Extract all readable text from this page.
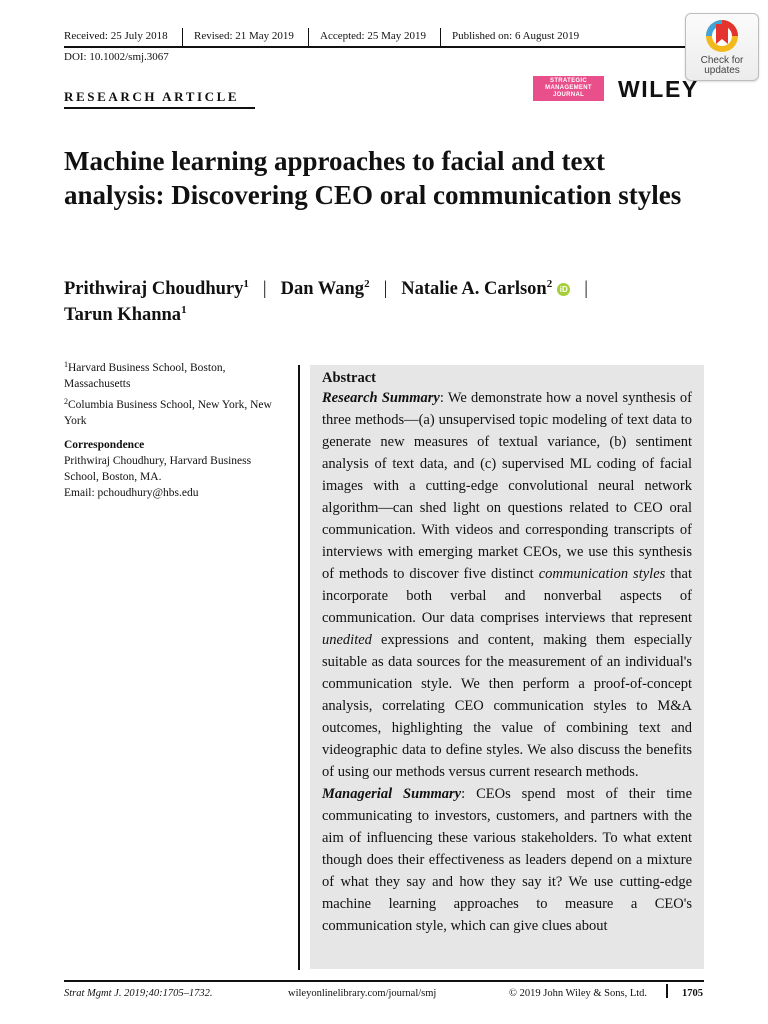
Received: 25 July 2018 Revised: 21 May 2019 Accepted: 25 May 2019 Published on: 6 August 2019
DOI: 10.1002/smj.3067	Check for
updates
RESEARCH ARTICLE
STRATEGIC
MANAGEMENT
JOURNAL	WILEY
Machine learning approaches to facial and text analysis: Discovering CEO oral communication styles
Prithwiraj Choudhury$^1$ | Dan Wang$^2$ | Natalie A. Carlson$^2$ iD |
Tarun Khanna$^1$

$^1$Harvard Business School, Boston, Massachusetts

$^2$Columbia Business School, New York, New York

Correspondence

Prithwiraj Choudhury, Harvard Business School, Boston, MA.
Email: pchoudhury@hbs.edu

Abstract

Research Summary: We demonstrate how a novel synthesis of three methods—(a) unsupervised topic modeling of text data to generate new measures of textual variance, (b) sentiment analysis of text data, and (c) supervised ML coding of facial images with a cutting-edge convolutional neural network algorithm—can shed light on questions related to CEO oral communication. With videos and corresponding transcripts of interviews with emerging market CEOs, we use this synthesis of methods to discover five distinct communication styles that incorporate both verbal and nonverbal aspects of communication. Our data comprises interviews that represent unedited expressions and content, making them especially suitable as data sources for the measurement of an individual's communication style. We then perform a proof-of-concept analysis, correlating CEO communication styles to M&A outcomes, highlighting the value of combining text and videographic data to define styles. We also discuss the benefits of using our methods versus current research methods.

Managerial Summary: CEOs spend most of their time communicating to investors, customers, and partners with the aim of influencing these various stakeholders. To what extent though does their effectiveness as leaders depend on a mixture of what they say and how they say it? We use cutting-edge machine learning approaches to measure a CEO's communication style, which can give clues about

Strat Mgmt J. 2019;40:1705–1732.	wileyonlinelibrary.com/journal/smj	© 2019 John Wiley & Sons, Ltd.	1705
